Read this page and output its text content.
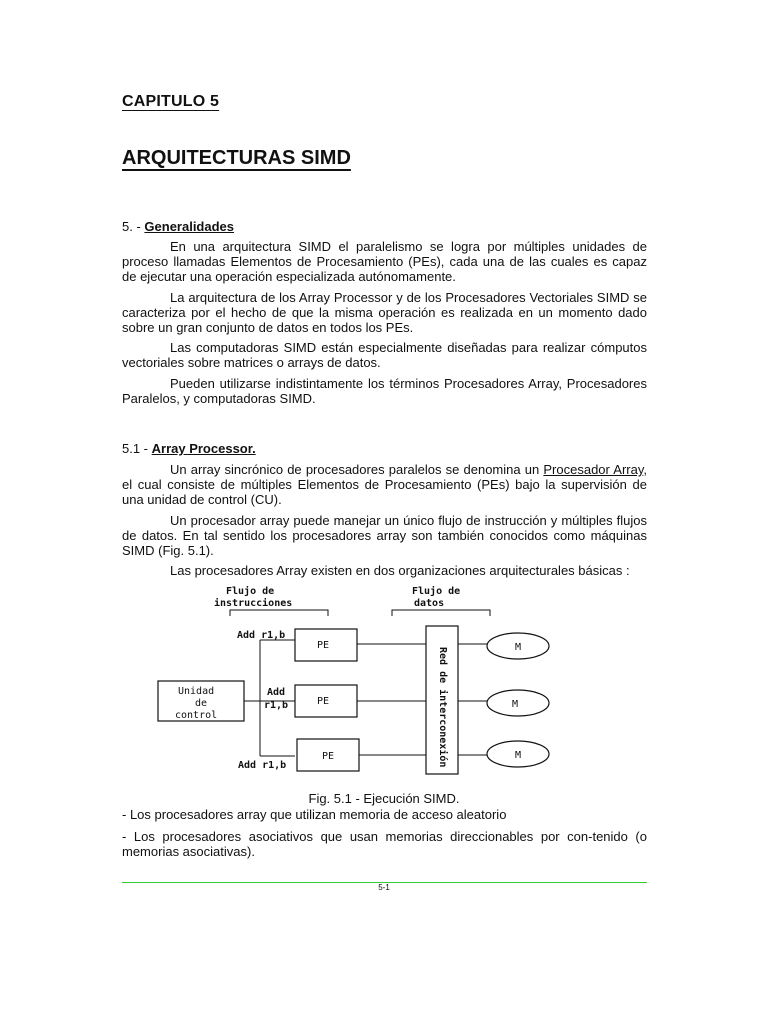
CAPITULO 5
ARQUITECTURAS SIMD

5. - Generalidades

En una arquitectura SIMD el paralelismo se logra por múltiples unidades de proceso llamadas Elementos de Procesamiento (PEs), cada una de las cuales es capaz de ejecutar una operación especializada autónomamente.

La arquitectura de los Array Processor y de los Procesadores Vectoriales SIMD se caracteriza por el hecho de que la misma operación es realizada en un momento dado sobre un gran conjunto de datos en todos los PEs.

Las computadoras SIMD están especialmente diseñadas para realizar cómputos vectoriales sobre matrices o arrays de datos.

Pueden utilizarse indistintamente los términos Procesadores Array, Procesadores Paralelos, y computadoras SIMD.

5.1 - Array Processor.

Un array sincrónico de procesadores paralelos se denomina un Procesador Array, el cual consiste de múltiples Elementos de Procesamiento (PEs) bajo la supervisión de una unidad de control (CU).

Un procesador array puede manejar un único flujo de instrucción y múltiples flujos de datos. En tal sentido los procesadores array son también conocidos como máquinas SIMD (Fig. 5.1).

Las procesadores Array existen en dos organizaciones arquitecturales básicas :

Flujo de
instrucciones
Flujo de
datos
Unidad
de
control
Add r1,b
Add
r1,b
Add r1,b
PE
PE
PE	Red de interconexión	M
M
M

Fig. 5.1 - Ejecución SIMD.

- Los procesadores array que utilizan memoria de acceso aleatorio

- Los procesadores asociativos que usan memorias direccionables por con-tenido (o memorias asociativas).

5-1
